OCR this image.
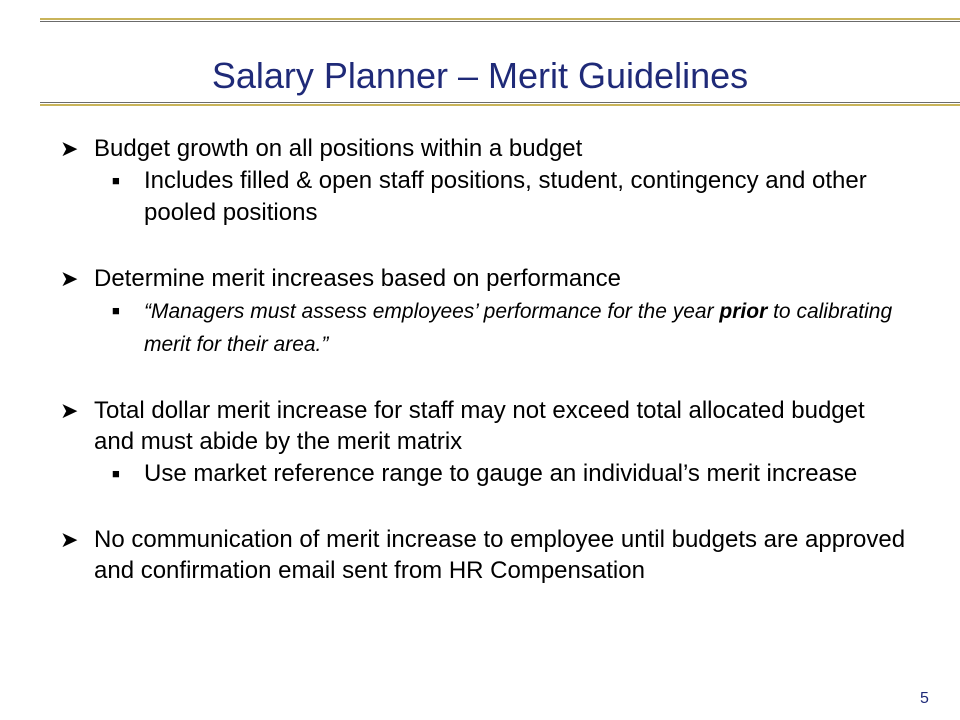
Salary Planner – Merit Guidelines
➤ Budget growth on all positions within a budget
■ Includes filled & open staff positions, student, contingency and other pooled positions
➤ Determine merit increases based on performance
■ “Managers must assess employees’ performance for the year prior to calibrating merit for their area.”
➤ Total dollar merit increase for staff may not exceed total allocated budget and must abide by the merit matrix
■ Use market reference range to gauge an individual’s merit increase
➤ No communication of merit increase to employee until budgets are approved and confirmation email sent from HR Compensation
5
